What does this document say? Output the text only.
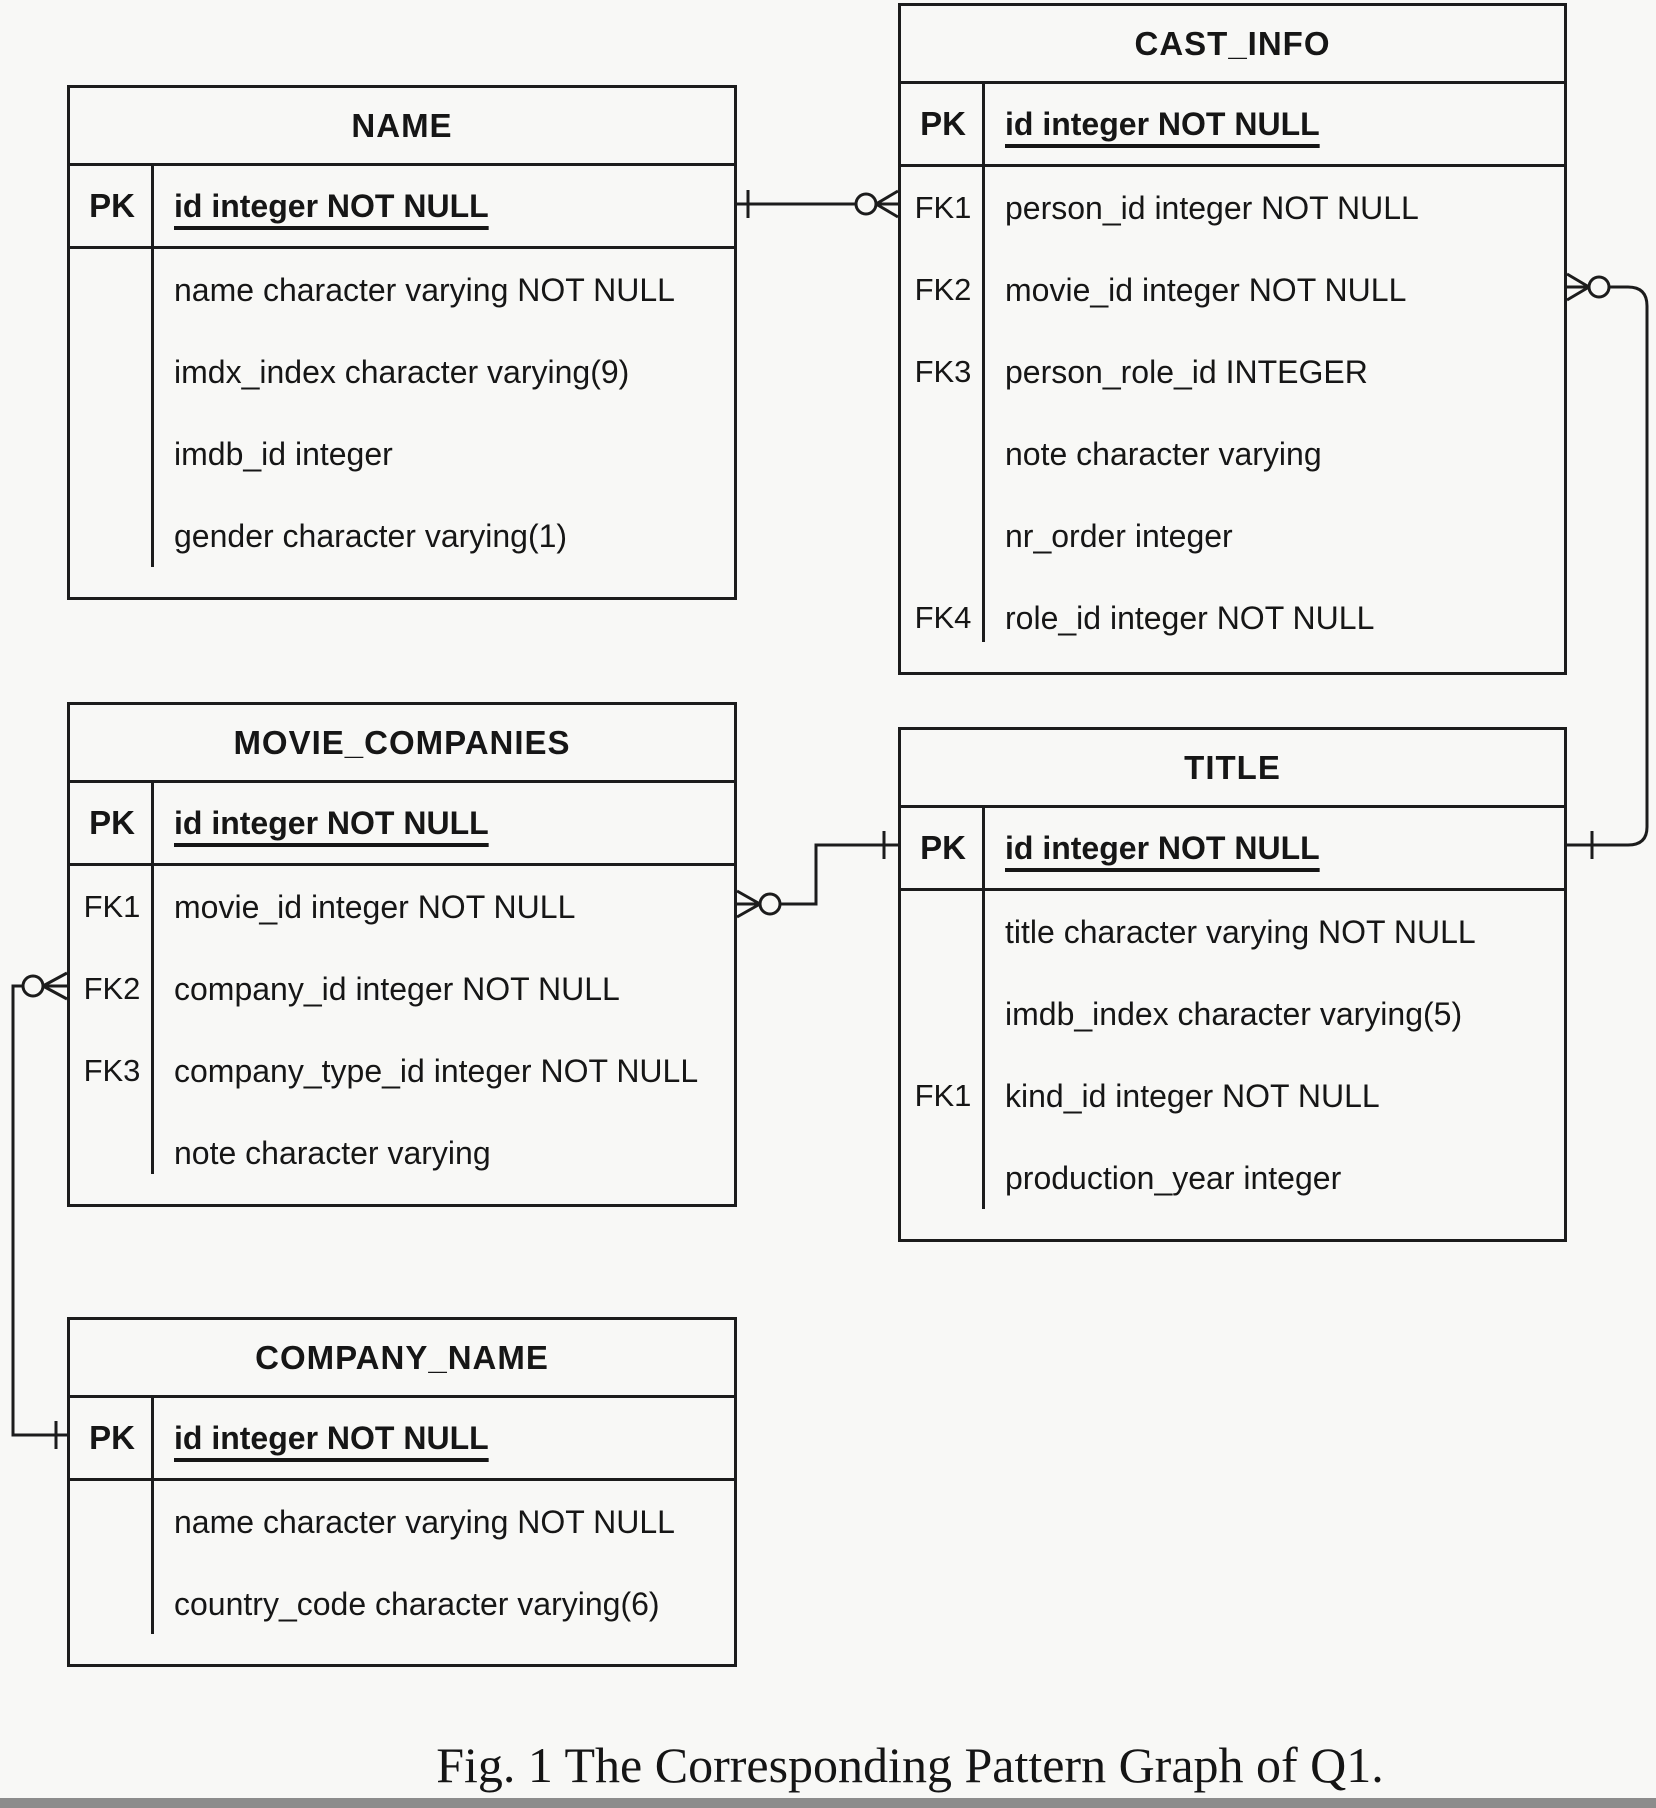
NAME
PK	id integer NOT NULL
name character varying NOT NULL
imdx_index character varying(9)
imdb_id integer
gender character varying(1)
CAST_INFO
PK	id integer NOT NULL
FK1	person_id integer NOT NULL
FK2	movie_id integer NOT NULL
FK3	person_role_id INTEGER
note character varying
nr_order integer
FK4	role_id integer NOT NULL
MOVIE_COMPANIES
PK	id integer NOT NULL
FK1	movie_id integer NOT NULL
FK2	company_id integer NOT NULL
FK3	company_type_id integer NOT NULL
note character varying
TITLE
PK	id integer NOT NULL
title character varying NOT NULL
imdb_index character varying(5)
FK1	kind_id integer NOT NULL
production_year integer
COMPANY_NAME
PK	id integer NOT NULL
name character varying NOT NULL
country_code character varying(6)
Fig. 1 The Corresponding Pattern Graph of Q1.
